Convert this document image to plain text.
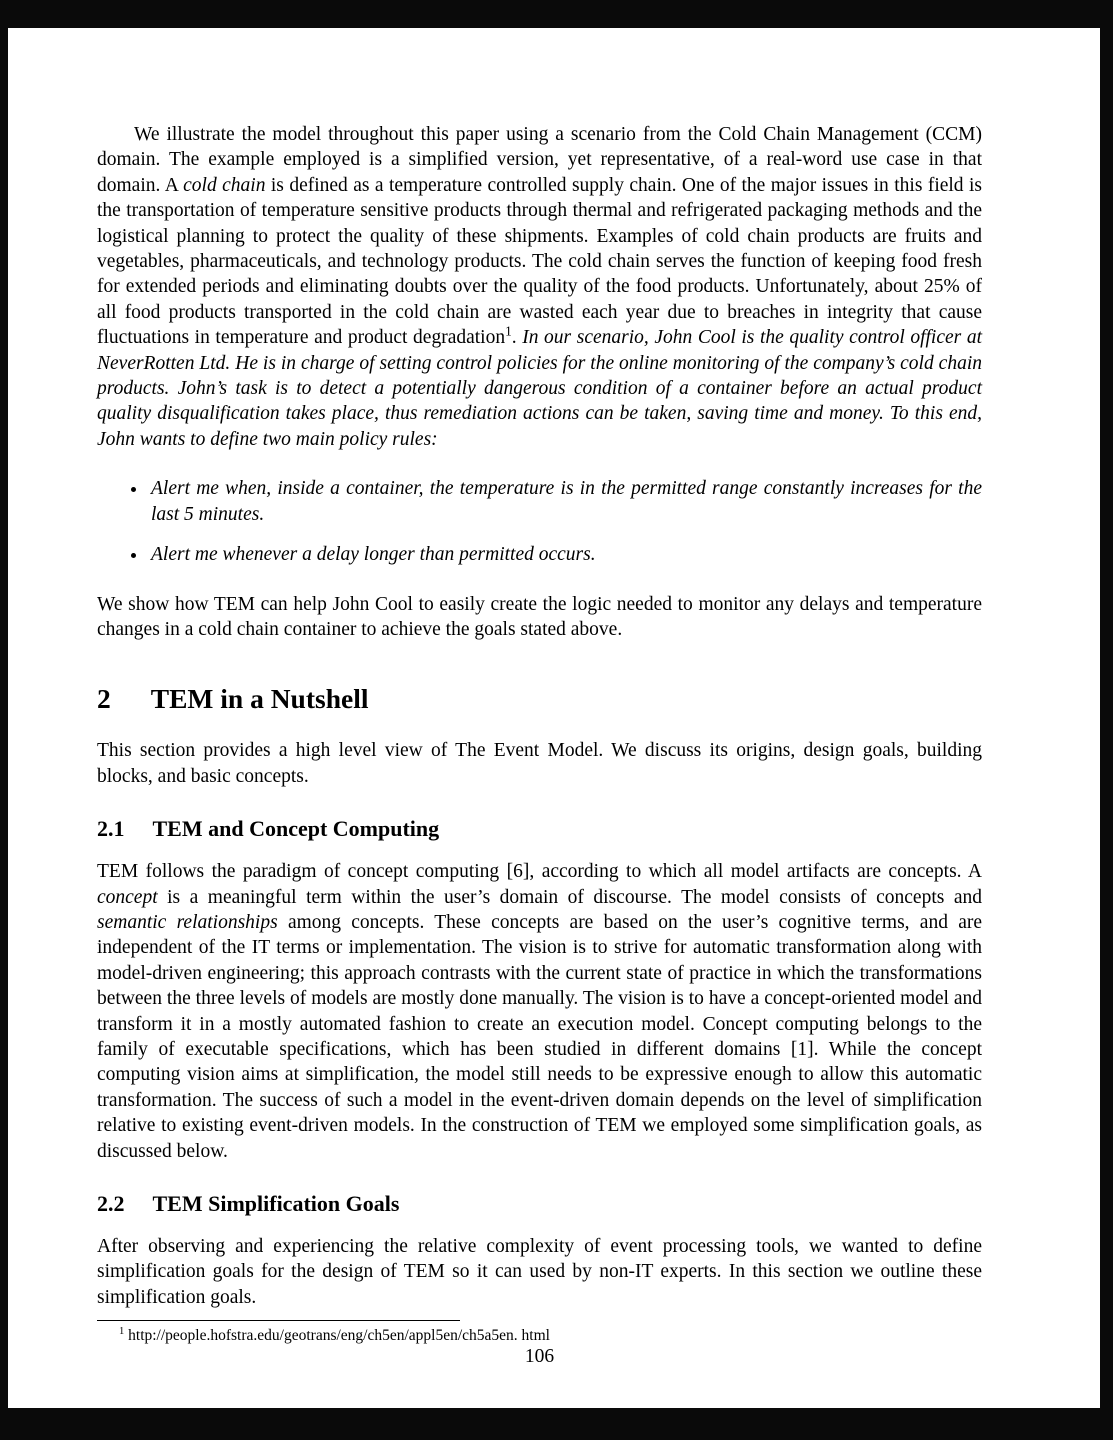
We illustrate the model throughout this paper using a scenario from the Cold Chain Management (CCM) domain. The example employed is a simplified version, yet representative, of a real-word use case in that domain. A cold chain is defined as a temperature controlled supply chain. One of the major issues in this field is the transportation of temperature sensitive products through thermal and refrigerated packaging methods and the logistical planning to protect the quality of these shipments. Examples of cold chain products are fruits and vegetables, pharmaceuticals, and technology products. The cold chain serves the function of keeping food fresh for extended periods and eliminating doubts over the quality of the food products. Unfortunately, about 25% of all food products transported in the cold chain are wasted each year due to breaches in integrity that cause fluctuations in temperature and product degradation$^1$. In our scenario, John Cool is the quality control officer at NeverRotten Ltd. He is in charge of setting control policies for the online monitoring of the company’s cold chain products. John’s task is to detect a potentially dangerous condition of a container before an actual product quality disqualification takes place, thus remediation actions can be taken, saving time and money. To this end, John wants to define two main policy rules:

• Alert me when, inside a container, the temperature is in the permitted range constantly increases for the last 5 minutes.
• Alert me whenever a delay longer than permitted occurs.

We show how TEM can help John Cool to easily create the logic needed to monitor any delays and temperature changes in a cold chain container to achieve the goals stated above.

2 TEM in a Nutshell

This section provides a high level view of The Event Model. We discuss its origins, design goals, building blocks, and basic concepts.

2.1 TEM and Concept Computing

TEM follows the paradigm of concept computing [6], according to which all model artifacts are concepts. A concept is a meaningful term within the user’s domain of discourse. The model consists of concepts and semantic relationships among concepts. These concepts are based on the user’s cognitive terms, and are independent of the IT terms or implementation. The vision is to strive for automatic transformation along with model-driven engineering; this approach contrasts with the current state of practice in which the transformations between the three levels of models are mostly done manually. The vision is to have a concept-oriented model and transform it in a mostly automated fashion to create an execution model. Concept computing belongs to the family of executable specifications, which has been studied in different domains [1]. While the concept computing vision aims at simplification, the model still needs to be expressive enough to allow this automatic transformation. The success of such a model in the event-driven domain depends on the level of simplification relative to existing event-driven models. In the construction of TEM we employed some simplification goals, as discussed below.

2.2 TEM Simplification Goals

After observing and experiencing the relative complexity of event processing tools, we wanted to define simplification goals for the design of TEM so it can used by non-IT experts. In this section we outline these simplification goals.

$^1$ http://people.hofstra.edu/geotrans/eng/ch5en/appl5en/ch5a5en. html

106
